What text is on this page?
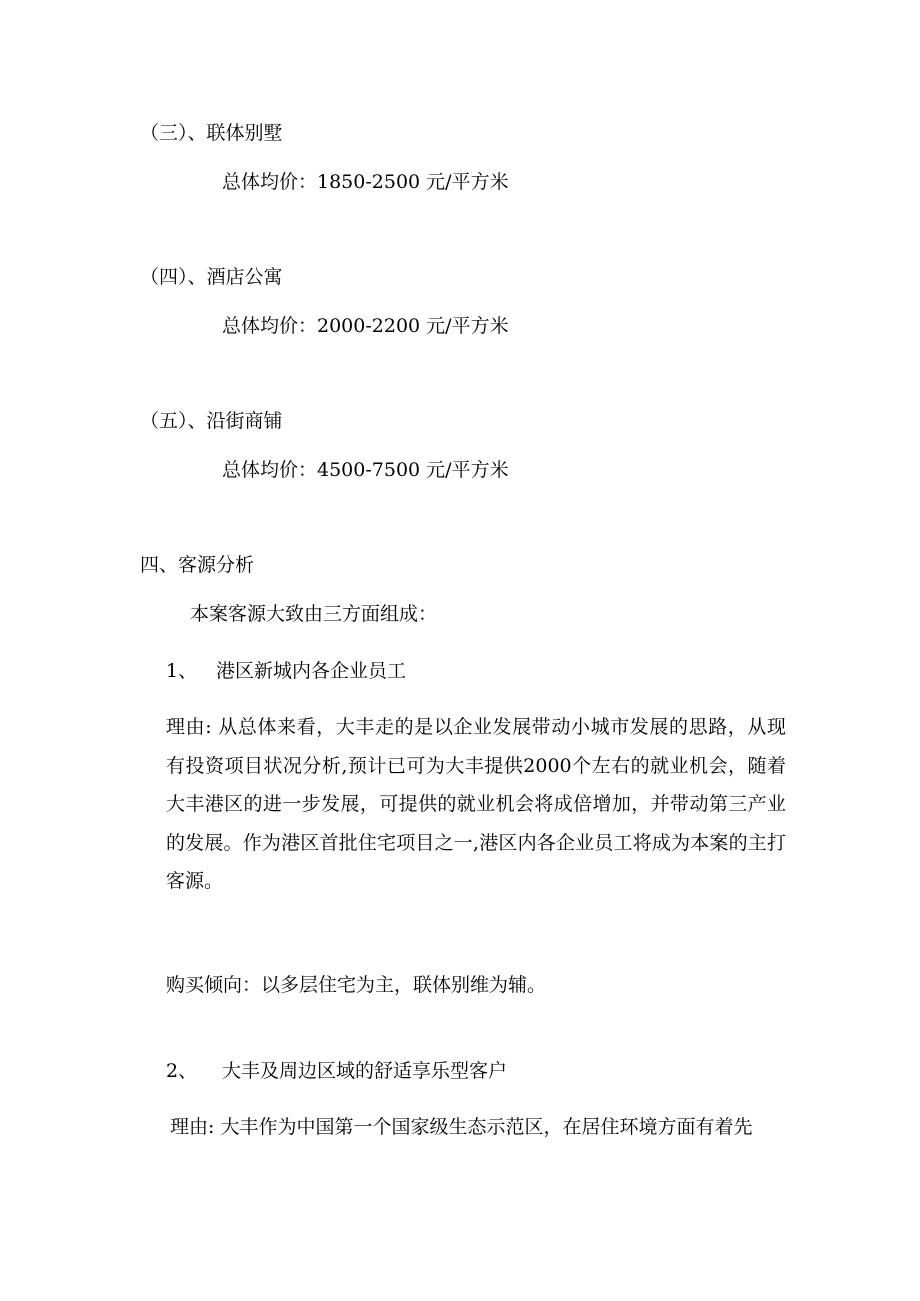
（三）、联体别墅
总体均价：1850-2500 元/平方米
（四）、酒店公寓
总体均价：2000-2200 元/平方米
（五）、沿街商铺
总体均价：4500-7500 元/平方米
四、客源分析
本案客源大致由三方面组成：
1、 港区新城内各企业员工

理由: 从总体来看，大丰走的是以企业发展带动小城市发展的思路，从现有投资项目状况分析,预计已可为大丰提供2000个左右的就业机会，随着大丰港区的进一步发展，可提供的就业机会将成倍增加，并带动第三产业的发展。作为港区首批住宅项目之一,港区内各企业员工将成为本案的主打客源。

购买倾向：以多层住宅为主，联体别维为辅。
2、 大丰及周边区域的舒适享乐型客户
理由: 大丰作为中国第一个国家级生态示范区，在居住环境方面有着先
